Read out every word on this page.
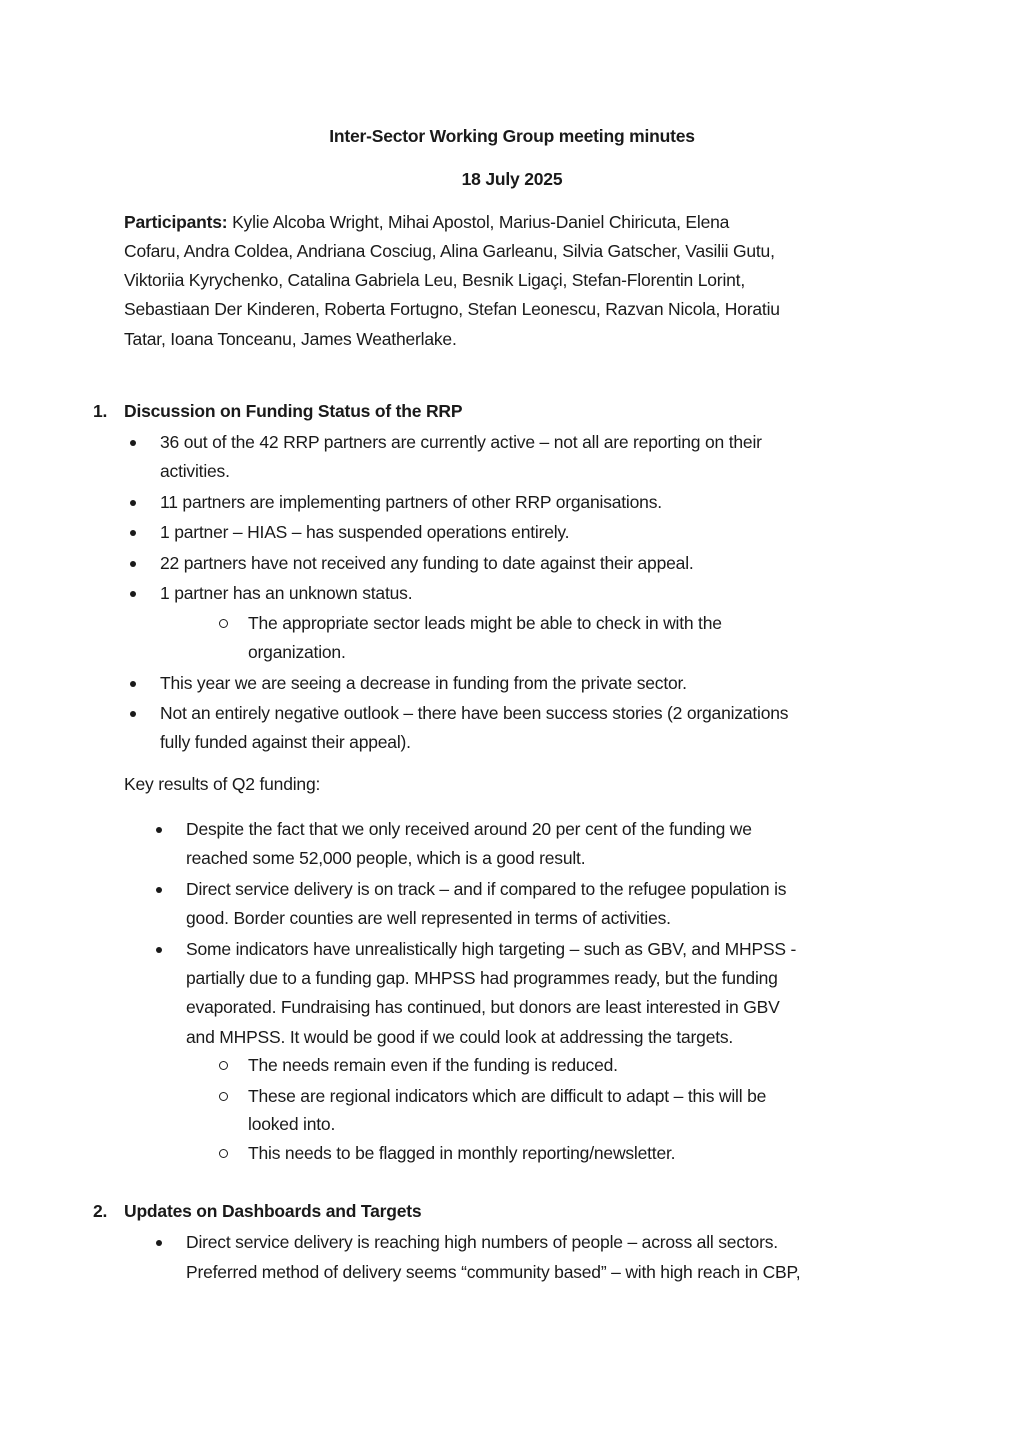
Inter-Sector Working Group meeting minutes
18 July 2025
Participants: Kylie Alcoba Wright, Mihai Apostol, Marius-Daniel Chiricuta, Elena
Cofaru, Andra Coldea, Andriana Cosciug, Alina Garleanu, Silvia Gatscher, Vasilii Gutu,
Viktoriia Kyrychenko, Catalina Gabriela Leu, Besnik Ligaçi, Stefan-Florentin Lorint,
Sebastiaan Der Kinderen, Roberta Fortugno, Stefan Leonescu, Razvan Nicola, Horatiu
Tatar, Ioana Tonceanu, James Weatherlake.
1. Discussion on Funding Status of the RRP
36 out of the 42 RRP partners are currently active – not all are reporting on their
activities.
11 partners are implementing partners of other RRP organisations.
1 partner – HIAS – has suspended operations entirely.
22 partners have not received any funding to date against their appeal.
1 partner has an unknown status.
The appropriate sector leads might be able to check in with the
organization.
This year we are seeing a decrease in funding from the private sector.
Not an entirely negative outlook – there have been success stories (2 organizations
fully funded against their appeal).
Key results of Q2 funding:
Despite the fact that we only received around 20 per cent of the funding we
reached some 52,000 people, which is a good result.
Direct service delivery is on track – and if compared to the refugee population is
good. Border counties are well represented in terms of activities.
Some indicators have unrealistically high targeting – such as GBV, and MHPSS -
partially due to a funding gap. MHPSS had programmes ready, but the funding
evaporated. Fundraising has continued, but donors are least interested in GBV
and MHPSS. It would be good if we could look at addressing the targets.
The needs remain even if the funding is reduced.
These are regional indicators which are difficult to adapt – this will be
looked into.
This needs to be flagged in monthly reporting/newsletter.
2. Updates on Dashboards and Targets
Direct service delivery is reaching high numbers of people – across all sectors.
Preferred method of delivery seems “community based” – with high reach in CBP,
